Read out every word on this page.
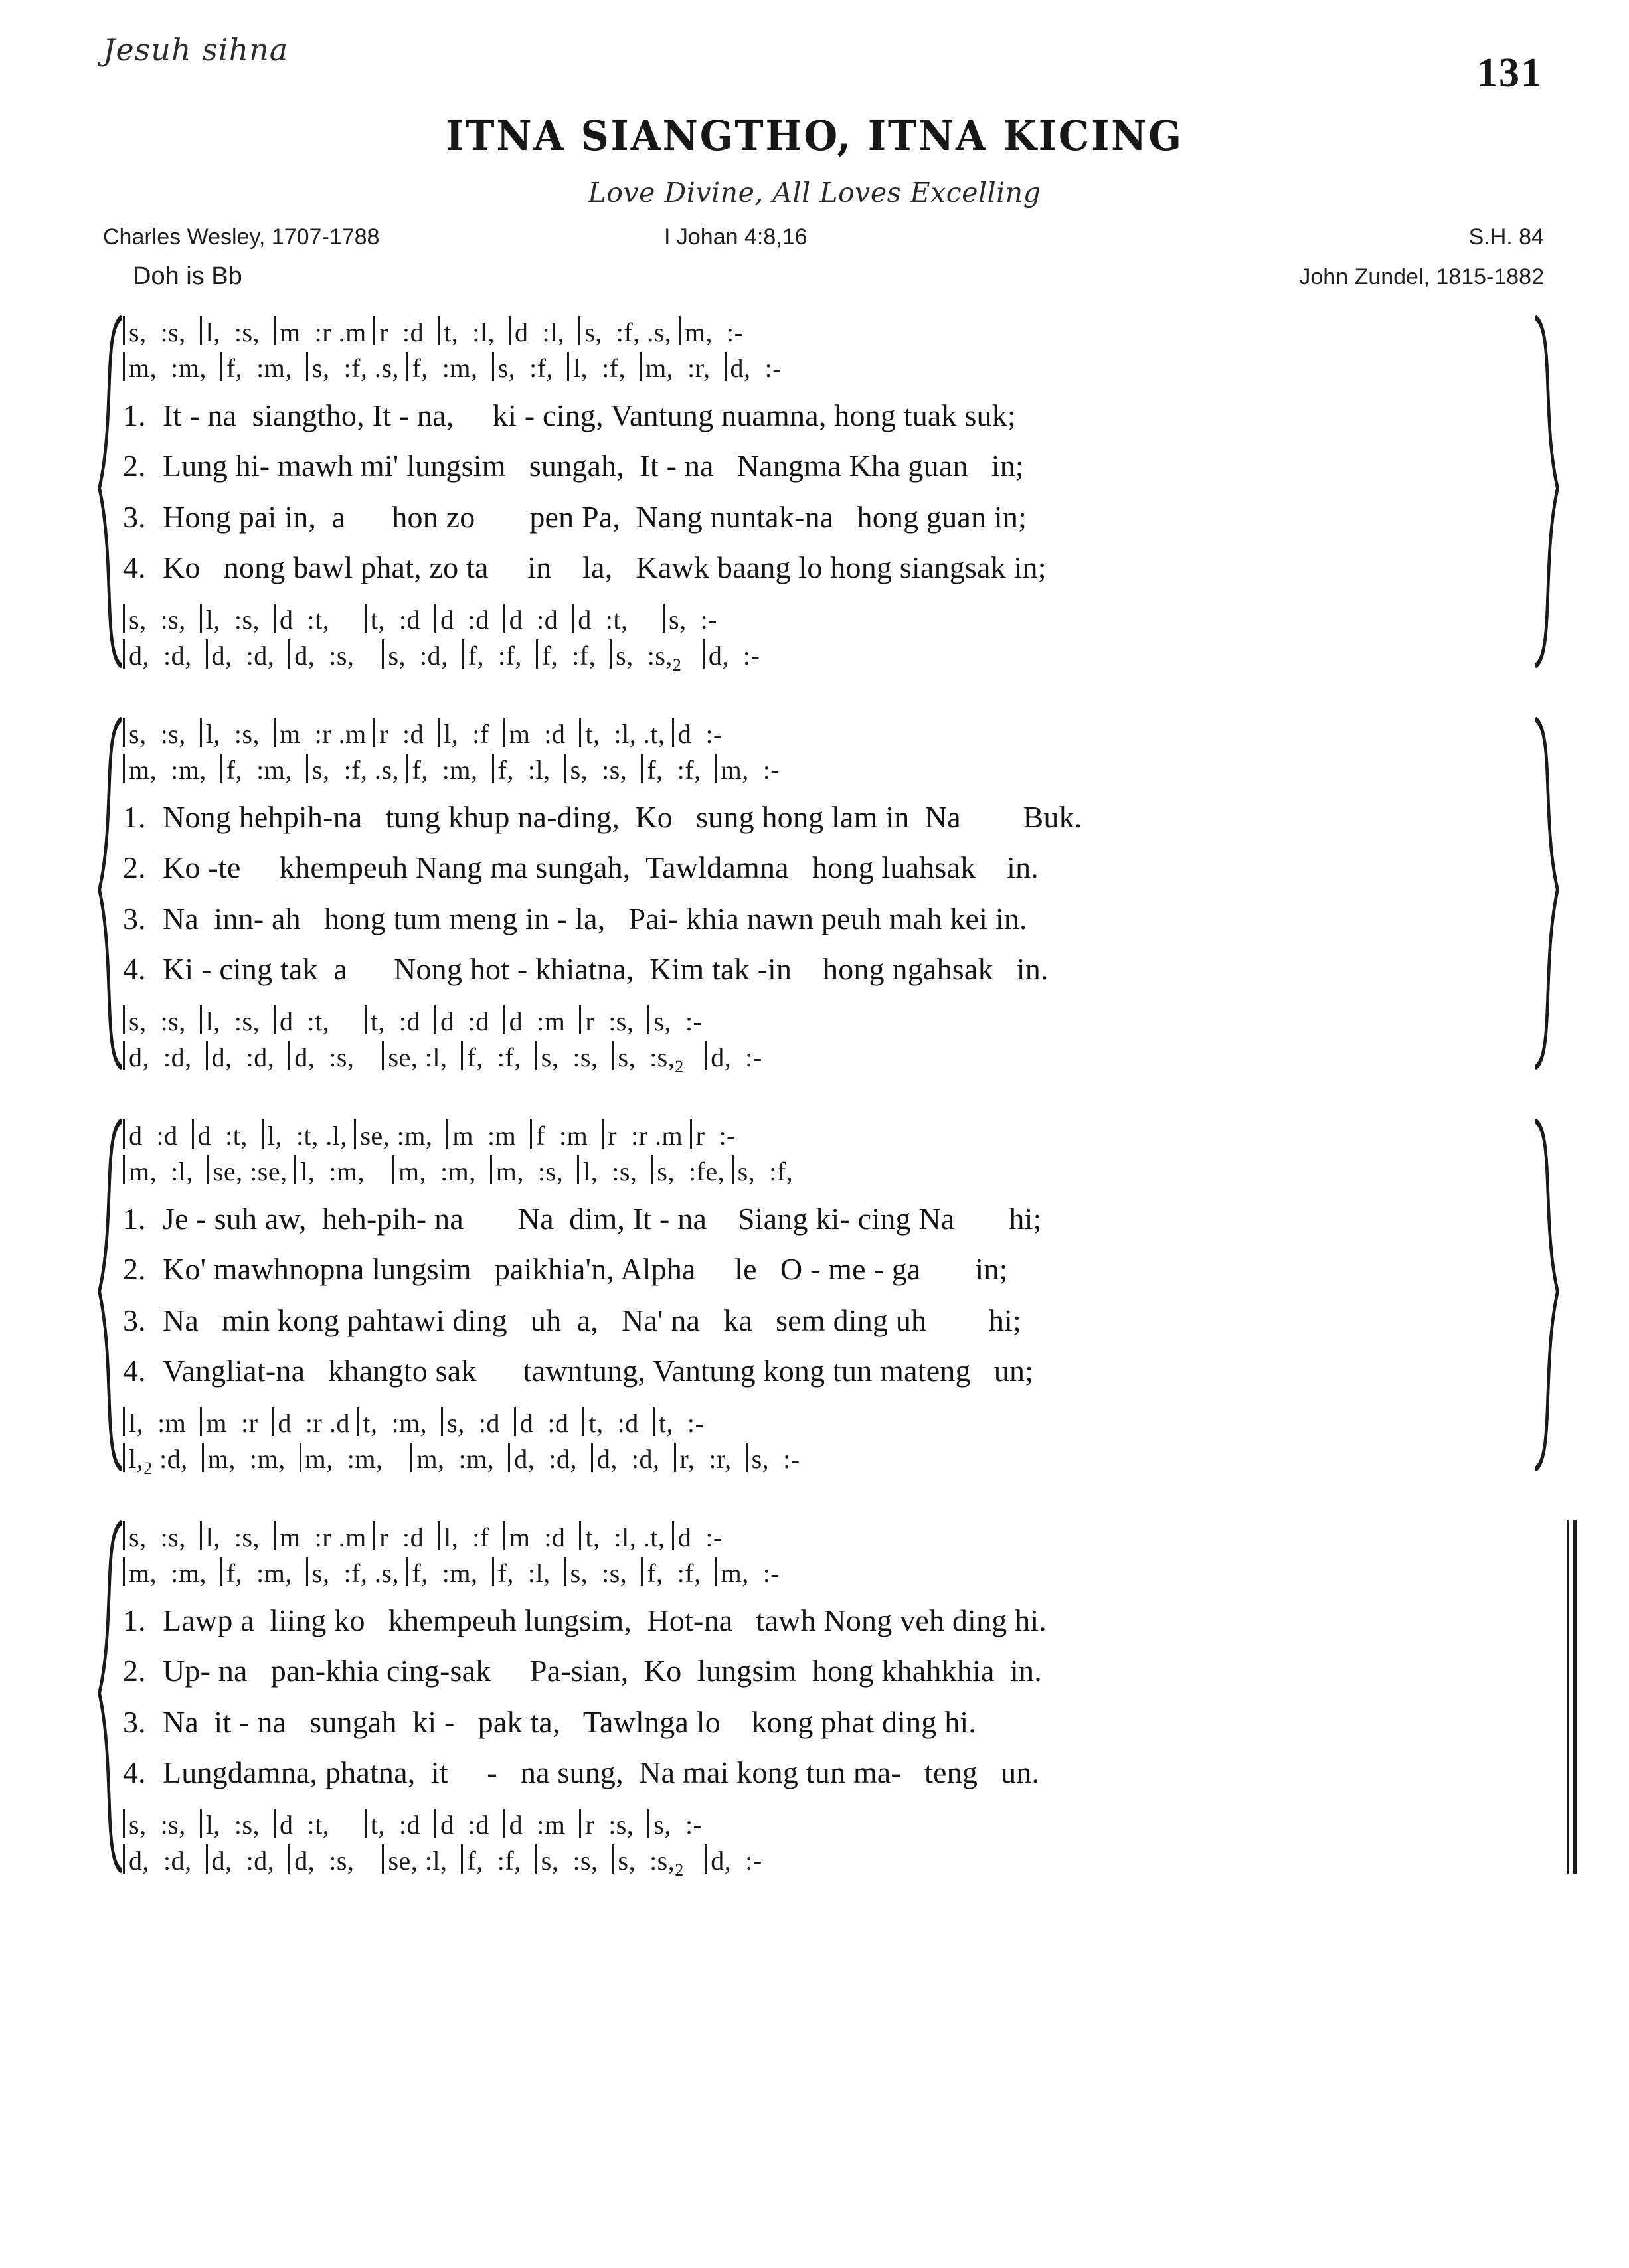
Jesuh sihna
131
ITNA SIANGTHO, ITNA KICING
Love Divine, All Loves Excelling
Charles Wesley, 1707-1788
Doh is Bb
I Johan 4:8,16	S.H. 84
John Zundel, 1815-1882
s,  :s, l,  :s, m  :r .m r  :d t,  :l, d  :l, s,  :f, .s, m,  :-
m,  :m, f,  :m, s,  :f, .s, f,  :m, s,  :f, l,  :f, m,  :r, d,  :-
1. It - na  siangtho, It - na,     ki - cing, Vantung nuamna, hong tuak suk;
2. Lung hi- mawh mi' lungsim   sungah,  It - na   Nangma Kha guan   in;
3. Hong pai in,  a      hon zo       pen Pa,  Nang nuntak-na   hong guan in;
4. Ko   nong bawl phat, zo ta     in    la,   Kawk baang lo hong siangsak in;
s,  :s, l,  :s, d  :t, t,  :d d  :d d  :d d  :t, s,  :-
d,  :d, d,  :d, d,  :s, s,  :d, f,  :f, f,  :f, s,  $:s,_2$	d,  :-
s,  :s, l,  :s, m  :r .m r  :d l,  :f m  :d t,  :l, .t, d  :-
m,  :m, f,  :m, s,  :f, .s, f,  :m, f,  :l, s,  :s, f,  :f, m,  :-
1. Nong hehpih-na   tung khup na-ding,  Ko   sung hong lam in  Na        Buk.
2. Ko -te     khempeuh Nang ma sungah,  Tawldamna   hong luahsak    in.
3. Na  inn- ah   hong tum meng in - la,   Pai- khia nawn peuh mah kei in.
4. Ki - cing tak  a      Nong hot - khiatna,  Kim tak -in    hong ngahsak   in.
s,  :s, l,  :s, d  :t, t,  :d d  :d d  :m r  :s, s,  :-
d,  :d, d,  :d, d,  :s, se, :l, f,  :f, s,  :s, s,  $:s,_2$	d,  :-
d  :d d  :t, l,  :t, .l, se, :m, m  :m f  :m r  :r .m r  :-
m,  :l, se, :se, l,  :m, m,  :m, m,  :s, l,  :s, s,  :fe, s,  :f,
1. Je - suh aw,  heh-pih- na       Na  dim, It - na    Siang ki- cing Na       hi;
2. Ko' mawhnopna lungsim   paikhia'n, Alpha     le   O - me - ga       in;
3. Na   min kong pahtawi ding   uh  a,   Na' na   ka   sem ding uh        hi;
4. Vangliat-na   khangto sak      tawntung, Vantung kong tun mateng   un;
l,  :m m  :r d  :r .d t,  :m, s,  :d d  :d t,  :d t,  :-
$l,_2$ :d, m,  :m, m,  :m, m,  :m, d,  :d, d,  :d, r,  :r, s,  :-
s,  :s, l,  :s, m  :r .m r  :d l,  :f m  :d t,  :l, .t, d  :-
m,  :m, f,  :m, s,  :f, .s, f,  :m, f,  :l, s,  :s, f,  :f, m,  :-
1. Lawp a  liing ko   khempeuh lungsim,  Hot-na   tawh Nong veh ding hi.
2. Up- na   pan-khia cing-sak     Pa-sian,  Ko  lungsim  hong khahkhia  in.
3. Na  it - na   sungah  ki -   pak ta,   Tawlnga lo    kong phat ding hi.
4. Lungdamna, phatna,  it     -   na sung,  Na mai kong tun ma-   teng   un.
s,  :s, l,  :s, d  :t, t,  :d d  :d d  :m r  :s, s,  :-
d,  :d, d,  :d, d,  :s, se, :l, f,  :f, s,  :s, s,  $:s,_2$	d,  :-
